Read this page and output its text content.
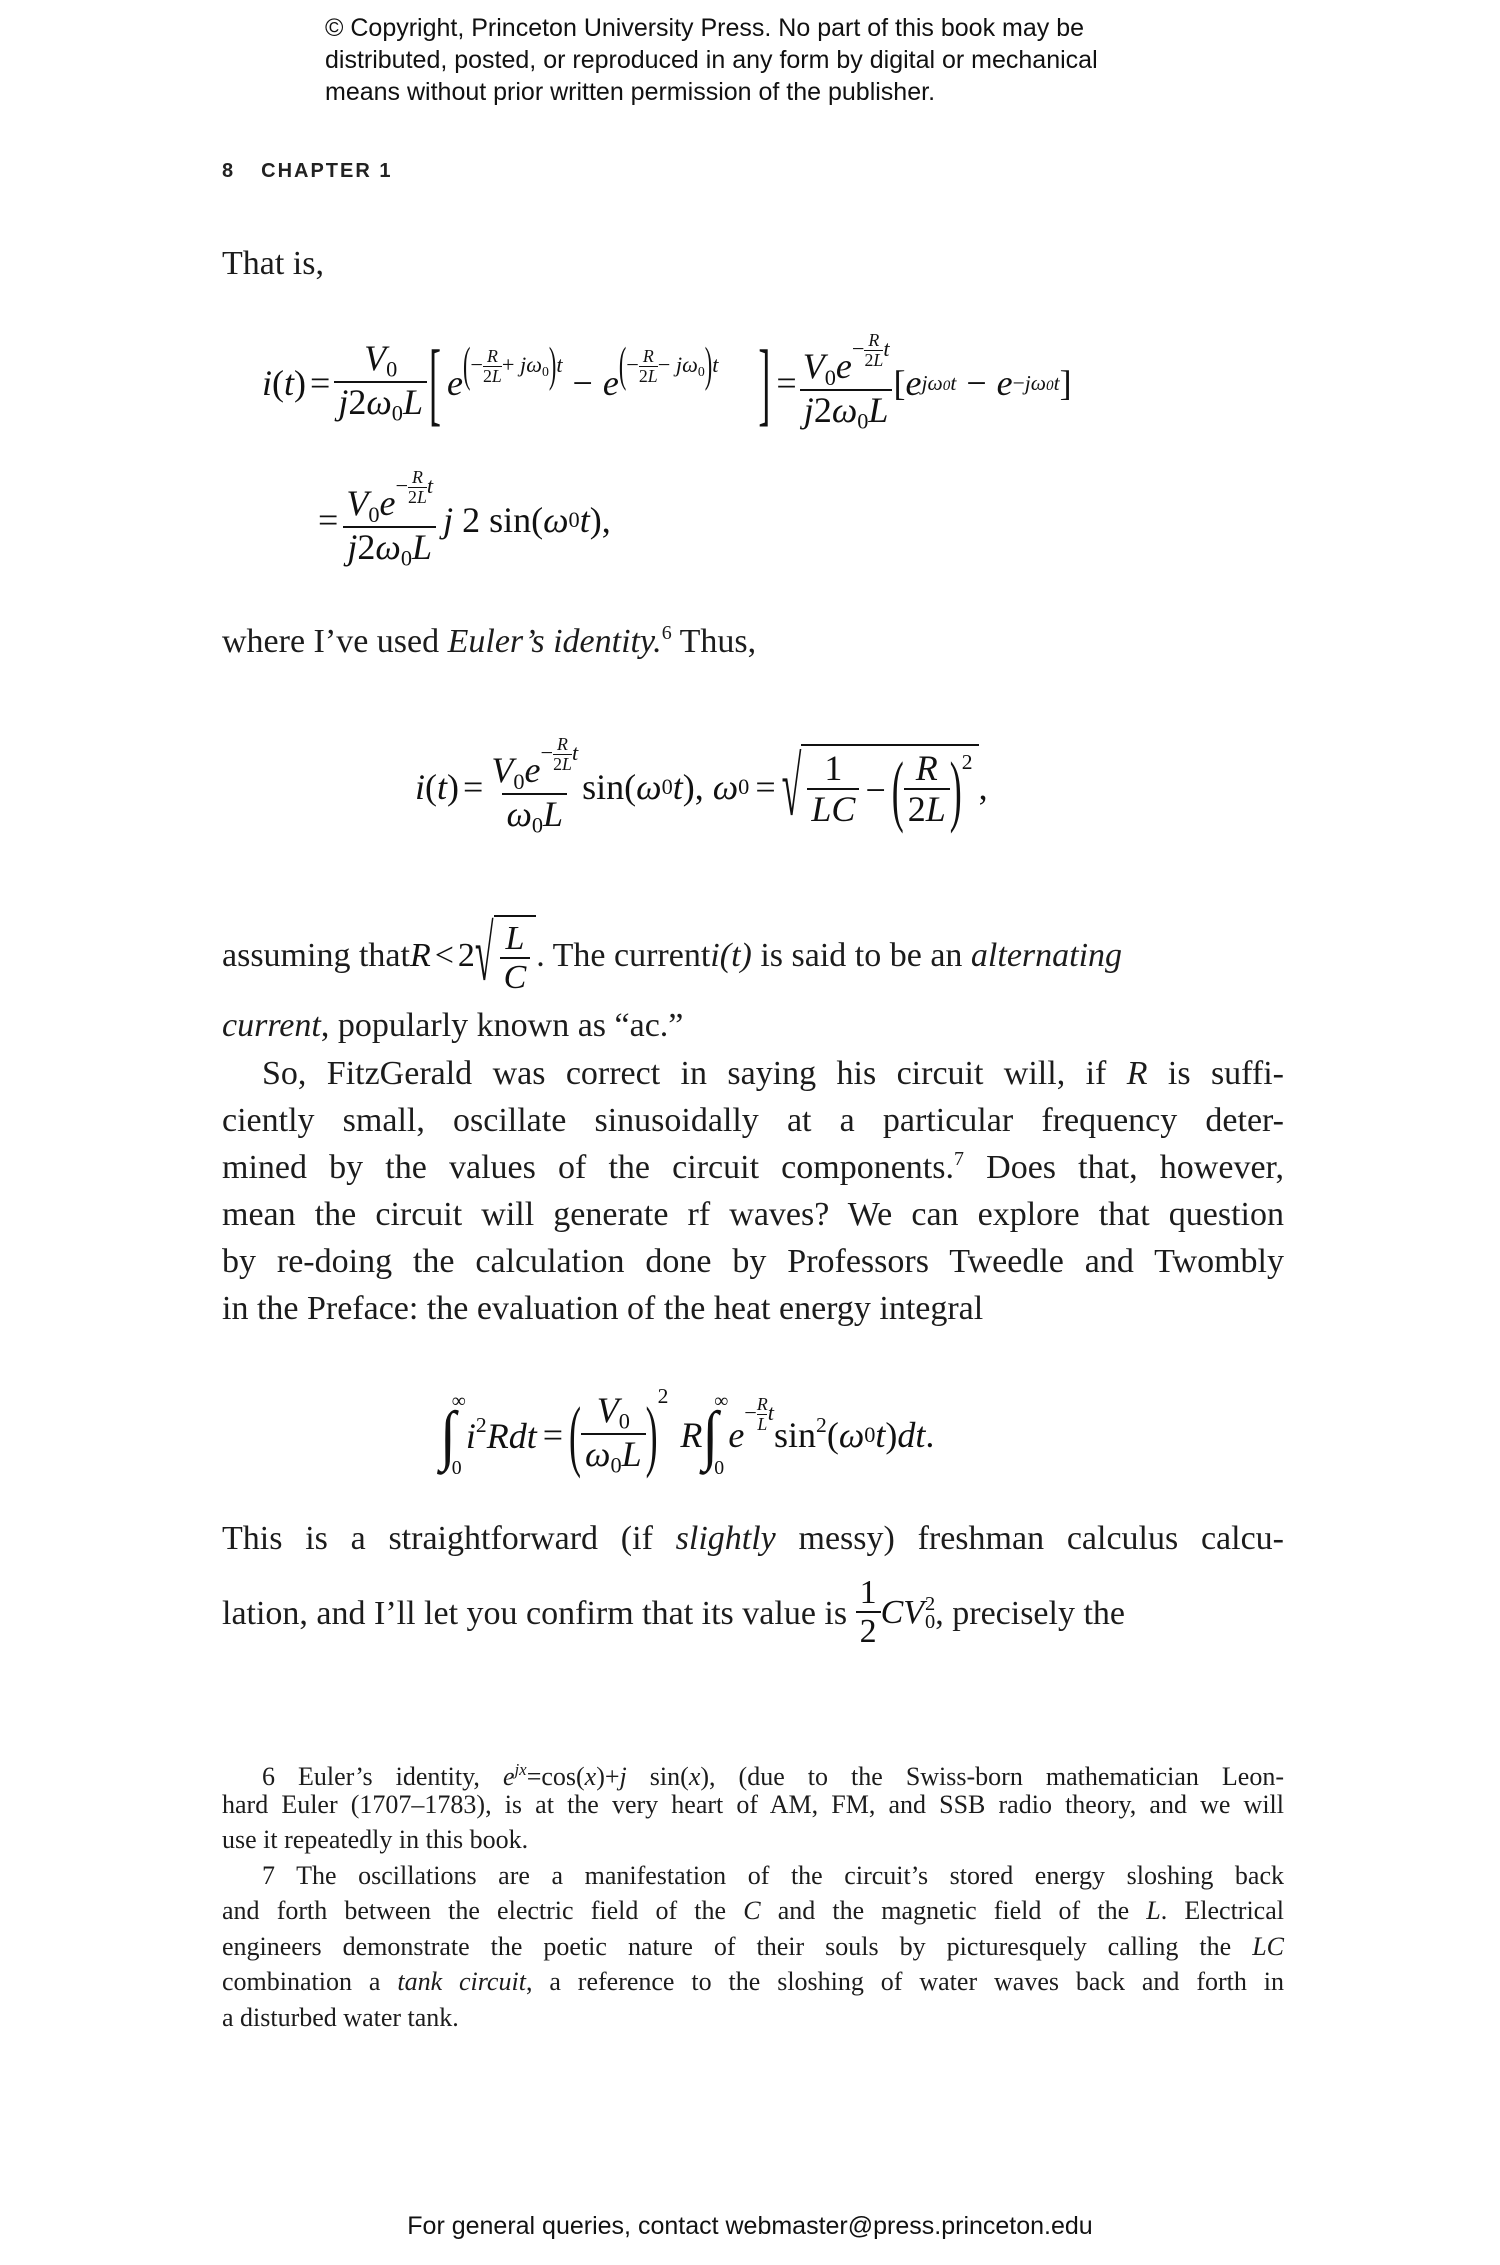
© Copyright, Princeton University Press. No part of this book may be
distributed, posted, or reproduced in any form by digital or mechanical
means without prior written permission of the publisher.
8 CHAPTER 1
That is,
$i(t) = \frac{V_0}{j2\omega_0L}$ [ e (− $\frac{R}{2L} + j\omega_0)t - e$ (− $\frac{R}{2L} - j\omega_0)t$ ] = $V_0e^{- \frac{R}{2L} t}$
$j2\omega_0L$ [ e jω0t − e −jω0t ]
= $V_0e^{- \frac{R}{2L} t}$
$j2\omega_0L$ j 2 sin( ω 0 t ),
where I’ve used Euler’s identity.$^6$ Thus,
$i(t) = V_0e^{- \frac{R}{2L} t}$
$\omega_0L$ sin( ω 0 t ), ω 0 = √ $\frac{1}{LC}$ − ( $\frac{R}{2L}$ ) 2
,
assuming that R < 2 √ $\frac{L}{C}$ . The current i(t) is said to be an alternating
current, popularly known as “ac.”
So, FitzGerald was correct in saying his circuit will, if R is suffi-
ciently small, oscillate sinusoidally at a particular frequency deter-
mined by the values of the circuit components.$^7$ Does that, however,
mean the circuit will generate rf waves? We can explore that question
by re-doing the calculation done by Professors Tweedle and Twombly
in the Preface: the evaluation of the heat energy integral
∫
∞
0
$i^2Rdt$ = ( $\frac{V_0}{\omega_0L}$ ) 2
R ∫
∞
0
e
− $\frac{R}{L}$ t
$\sin^2$( ω 0 t ) dt .
This is a straightforward (if slightly messy) freshman calculus calcu-
lation, and I’ll let you confirm that its value is $\frac{1}{2}$ CV 2
0 , precisely the
6 Euler’s identity, $e^{jx}=\cos(x)+j$ sin(x), (due to the Swiss-born mathematician Leon-
hard Euler (1707–1783), is at the very heart of AM, FM, and SSB radio theory, and we will
use it repeatedly in this book.
7 The oscillations are a manifestation of the circuit’s stored energy sloshing back
and forth between the electric field of the C and the magnetic field of the L. Electrical
engineers demonstrate the poetic nature of their souls by picturesquely calling the LC
combination a tank circuit, a reference to the sloshing of water waves back and forth in
a disturbed water tank.
For general queries, contact webmaster@press.princeton.edu
